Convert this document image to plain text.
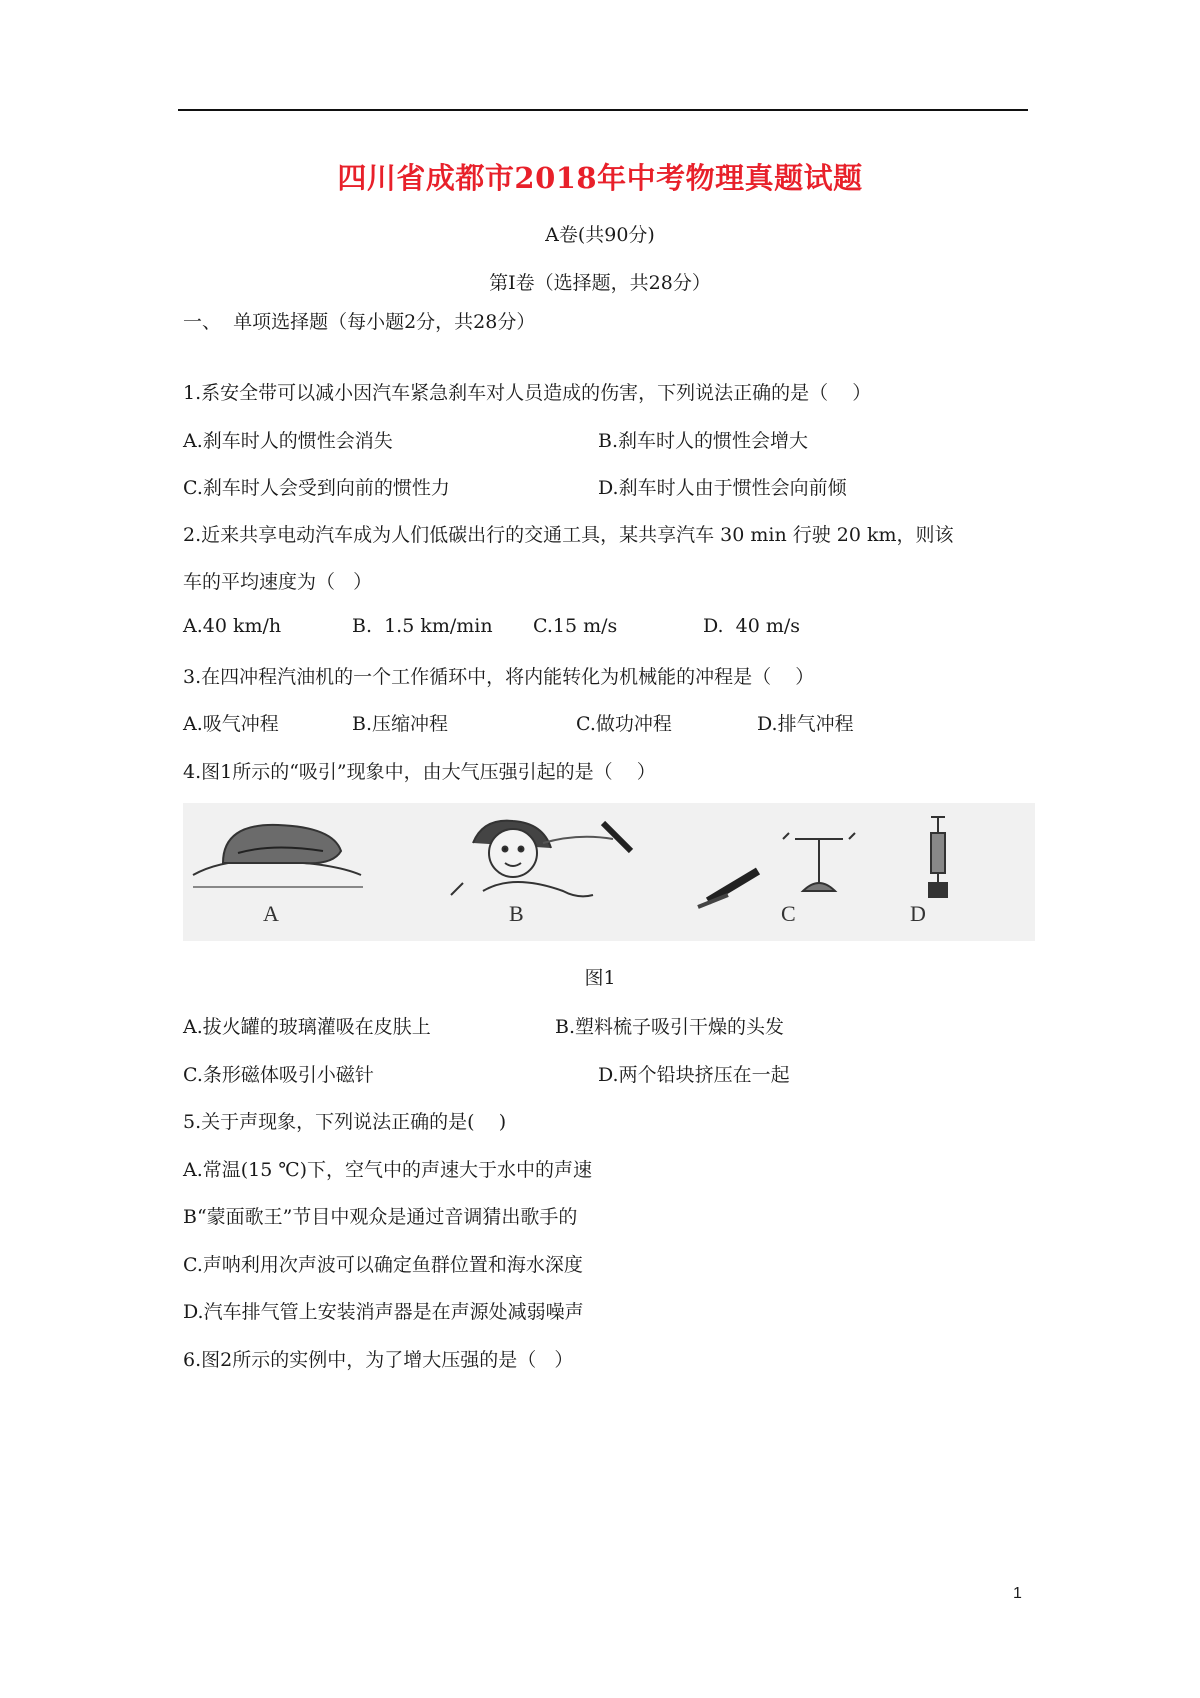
四川省成都市2018年中考物理真题试题
A卷(共90分)
第Ⅰ卷（选择题，共28分）
一、  单项选择题（每小题2分，共28分）
1.系安全带可以减小因汽车紧急刹车对人员造成的伤害，下列说法正确的是（    ）
A.刹车时人的惯性会消失	B.刹车时人的惯性会增大
C.刹车时人会受到向前的惯性力	D.刹车时人由于惯性会向前倾
2.近来共享电动汽车成为人们低碳出行的交通工具，某共享汽车 30 min 行驶 20 km，则该
车的平均速度为（   ）
A.40 km/h	B.  1.5 km/min C.15 m/s	D.  40 m/s
3.在四冲程汽油机的一个工作循环中，将内能转化为机械能的冲程是（    ）
A.吸气冲程	B.压缩冲程	C.做功冲程	D.排气冲程
4.图1所示的“吸引”现象中，由大气压强引起的是（    ）
A	B	C	D
图1
A.拔火罐的玻璃灌吸在皮肤上	B.塑料梳子吸引干燥的头发
C.条形磁体吸引小磁针	D.两个铅块挤压在一起
5.关于声现象，下列说法正确的是(    )
A.常温(15 ℃)下，空气中的声速大于水中的声速
B“蒙面歌王”节目中观众是通过音调猜出歌手的
C.声呐利用次声波可以确定鱼群位置和海水深度
D.汽车排气管上安装消声器是在声源处减弱噪声
6.图2所示的实例中，为了增大压强的是（   ）
1
